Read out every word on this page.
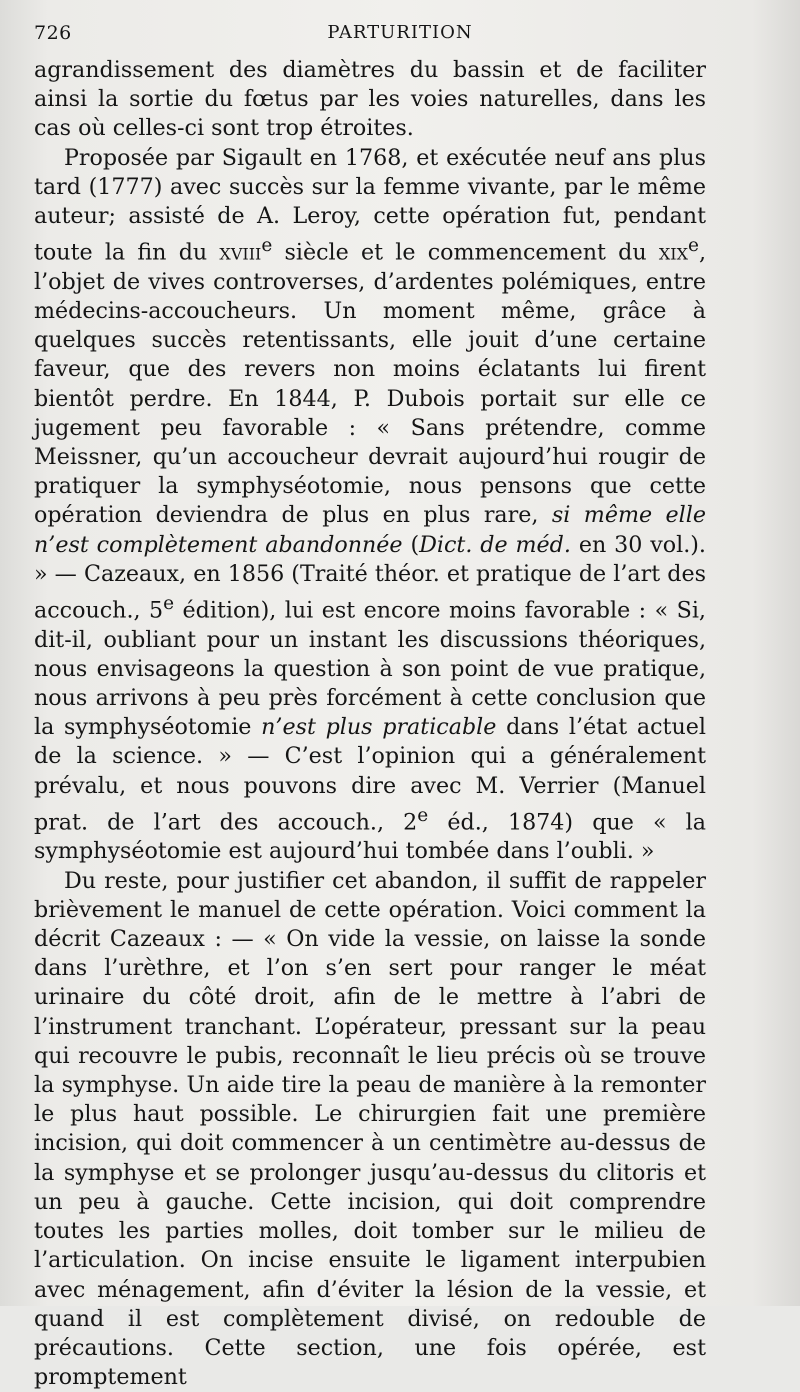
726	PARTURITION

agrandissement des diamètres du bassin et de faciliter ainsi la sortie du fœtus par les voies naturelles, dans les cas où celles-ci sont trop étroites.

Proposée par Sigault en 1768, et exécutée neuf ans plus tard (1777) avec succès sur la femme vivante, par le même auteur; assisté de A. Leroy, cette opération fut, pendant toute la fin du xviii$^e$ siècle et le commencement du xix$^e$, l’objet de vives controverses, d’ardentes polémiques, entre médecins-accoucheurs. Un moment même, grâce à quelques succès retentissants, elle jouit d’une certaine faveur, que des revers non moins éclatants lui firent bientôt perdre. En 1844, P. Dubois portait sur elle ce jugement peu favorable : « Sans prétendre, comme Meissner, qu’un accoucheur devrait aujourd’hui rougir de pratiquer la symphyséotomie, nous pensons que cette opération deviendra de plus en plus rare, si même elle n’est complètement abandonnée (Dict. de méd. en 30 vol.). » — Cazeaux, en 1856 (Traité théor. et pratique de l’art des accouch., 5e édition), lui est encore moins favorable : « Si, dit-il, oubliant pour un instant les discussions théoriques, nous envisageons la question à son point de vue pratique, nous arrivons à peu près forcément à cette conclusion que la symphyséotomie n’est plus praticable dans l’état actuel de la science. » — C’est l’opinion qui a généralement prévalu, et nous pouvons dire avec M. Verrier (Manuel prat. de l’art des accouch., 2e éd., 1874) que « la symphyséotomie est aujourd’hui tombée dans l’oubli. »

Du reste, pour justifier cet abandon, il suffit de rappeler brièvement le manuel de cette opération. Voici comment la décrit Cazeaux : — « On vide la vessie, on laisse la sonde dans l’urèthre, et l’on s’en sert pour ranger le méat urinaire du côté droit, afin de le mettre à l’abri de l’instrument tranchant. L’opérateur, pressant sur la peau qui recouvre le pubis, reconnaît le lieu précis où se trouve la symphyse. Un aide tire la peau de manière à la remonter le plus haut possible. Le chirurgien fait une première incision, qui doit commencer à un centimètre au-dessus de la symphyse et se prolonger jusqu’au-dessus du clitoris et un peu à gauche. Cette incision, qui doit comprendre toutes les parties molles, doit tomber sur le milieu de l’articulation. On incise ensuite le ligament interpubien avec ménagement, afin d’éviter la lésion de la vessie, et quand il est complètement divisé, on redouble de précautions. Cette section, une fois opérée, est promptement
